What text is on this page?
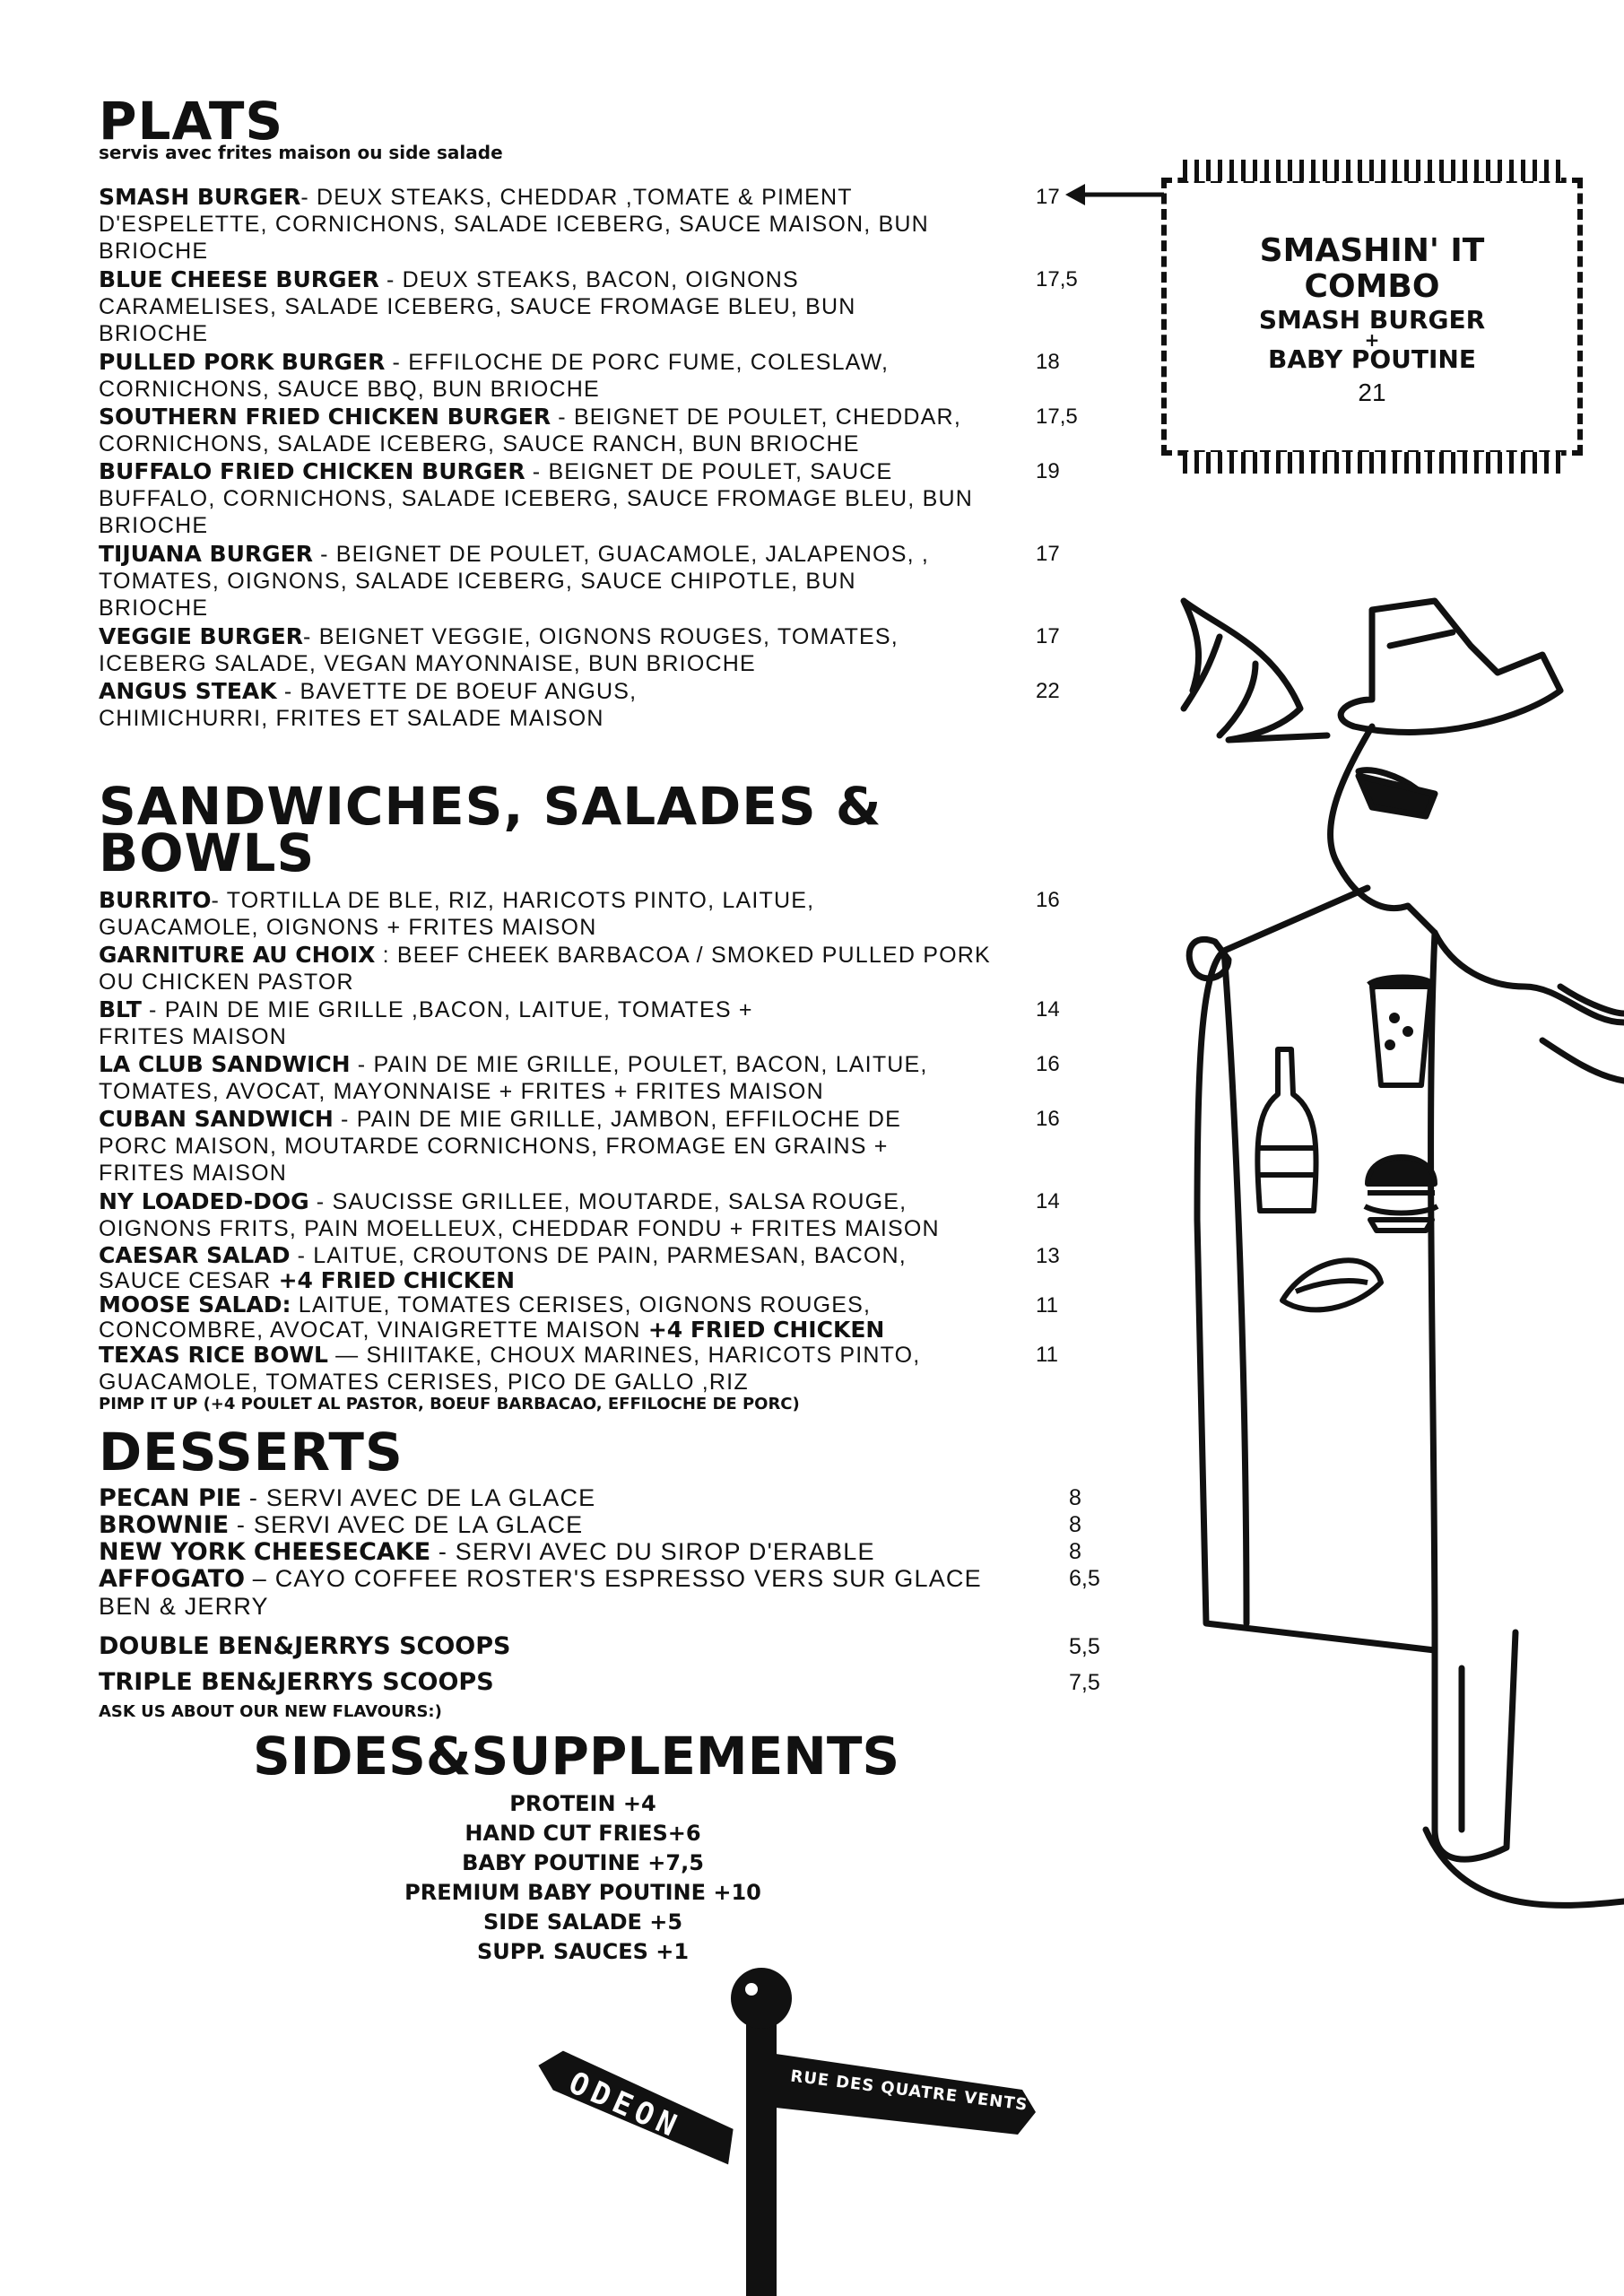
PLATS
servis avec frites maison ou side salade
SMASH BURGER- DEUX STEAKS, CHEDDAR ,TOMATE & PIMENT D'ESPELETTE, CORNICHONS, SALADE ICEBERG, SAUCE MAISON, BUN BRIOCHE
17
BLUE CHEESE BURGER - DEUX STEAKS, BACON, OIGNONS CARAMELISES, SALADE ICEBERG, SAUCE FROMAGE BLEU, BUN BRIOCHE
17,5
PULLED PORK BURGER - EFFILOCHE DE PORC FUME, COLESLAW, CORNICHONS, SAUCE BBQ, BUN BRIOCHE
18
SOUTHERN FRIED CHICKEN BURGER - BEIGNET DE POULET, CHEDDAR, CORNICHONS, SALADE ICEBERG, SAUCE RANCH, BUN BRIOCHE
17,5
BUFFALO FRIED CHICKEN BURGER - BEIGNET DE POULET, SAUCE BUFFALO, CORNICHONS, SALADE ICEBERG, SAUCE FROMAGE BLEU, BUN BRIOCHE
19
TIJUANA BURGER - BEIGNET DE POULET, GUACAMOLE, JALAPENOS, , TOMATES, OIGNONS, SALADE ICEBERG, SAUCE CHIPOTLE, BUN BRIOCHE
17
VEGGIE BURGER- BEIGNET VEGGIE, OIGNONS ROUGES, TOMATES, ICEBERG SALADE, VEGAN MAYONNAISE, BUN BRIOCHE
17
ANGUS STEAK - BAVETTE DE BOEUF ANGUS, CHIMICHURRI, FRITES ET SALADE MAISON
22
SMASHIN' IT
COMBO
SMASH BURGER
+
BABY POUTINE
21
SANDWICHES, SALADES &
BOWLS
BURRITO- TORTILLA DE BLE, RIZ, HARICOTS PINTO, LAITUE, GUACAMOLE, OIGNONS + FRITES MAISON
16
GARNITURE AU CHOIX : BEEF CHEEK BARBACOA / SMOKED PULLED PORK OU CHICKEN PASTOR
BLT - PAIN DE MIE GRILLE ,BACON, LAITUE, TOMATES + FRITES MAISON
14
LA CLUB SANDWICH - PAIN DE MIE GRILLE, POULET, BACON, LAITUE, TOMATES, AVOCAT, MAYONNAISE + FRITES + FRITES MAISON
16
CUBAN SANDWICH - PAIN DE MIE GRILLE, JAMBON, EFFILOCHE DE PORC MAISON, MOUTARDE CORNICHONS, FROMAGE EN GRAINS + FRITES MAISON
16
NY LOADED-DOG - SAUCISSE GRILLEE, MOUTARDE, SALSA ROUGE, OIGNONS FRITS, PAIN MOELLEUX, CHEDDAR FONDU + FRITES MAISON
14
CAESAR SALAD - LAITUE, CROUTONS DE PAIN, PARMESAN, BACON, SAUCE CESAR +4 FRIED CHICKEN
13
MOOSE SALAD: LAITUE, TOMATES CERISES, OIGNONS ROUGES, CONCOMBRE, AVOCAT, VINAIGRETTE MAISON +4 FRIED CHICKEN
11
TEXAS RICE BOWL — SHIITAKE, CHOUX MARINES, HARICOTS PINTO, GUACAMOLE, TOMATES CERISES, PICO DE GALLO ,RIZ
11
PIMP IT UP (+4 POULET AL PASTOR, BOEUF BARBACAO, EFFILOCHE DE PORC)
DESSERTS
PECAN PIE - SERVI AVEC DE LA GLACE	8
BROWNIE - SERVI AVEC DE LA GLACE	8
NEW YORK CHEESECAKE - SERVI AVEC DU SIROP D'ERABLE	8
AFFOGATO – CAYO COFFEE ROSTER'S ESPRESSO VERS SUR GLACE BEN & JERRY
6,5
DOUBLE BEN&JERRYS SCOOPS	5,5
TRIPLE BEN&JERRYS SCOOPS	7,5
ASK US ABOUT OUR NEW FLAVOURS:)
SIDES&SUPPLEMENTS
PROTEIN +4
HAND CUT FRIES+6
BABY POUTINE +7,5
PREMIUM BABY POUTINE +10
SIDE SALADE +5
SUPP. SAUCES +1
ODEON	RUE DES QUATRE VENTS
